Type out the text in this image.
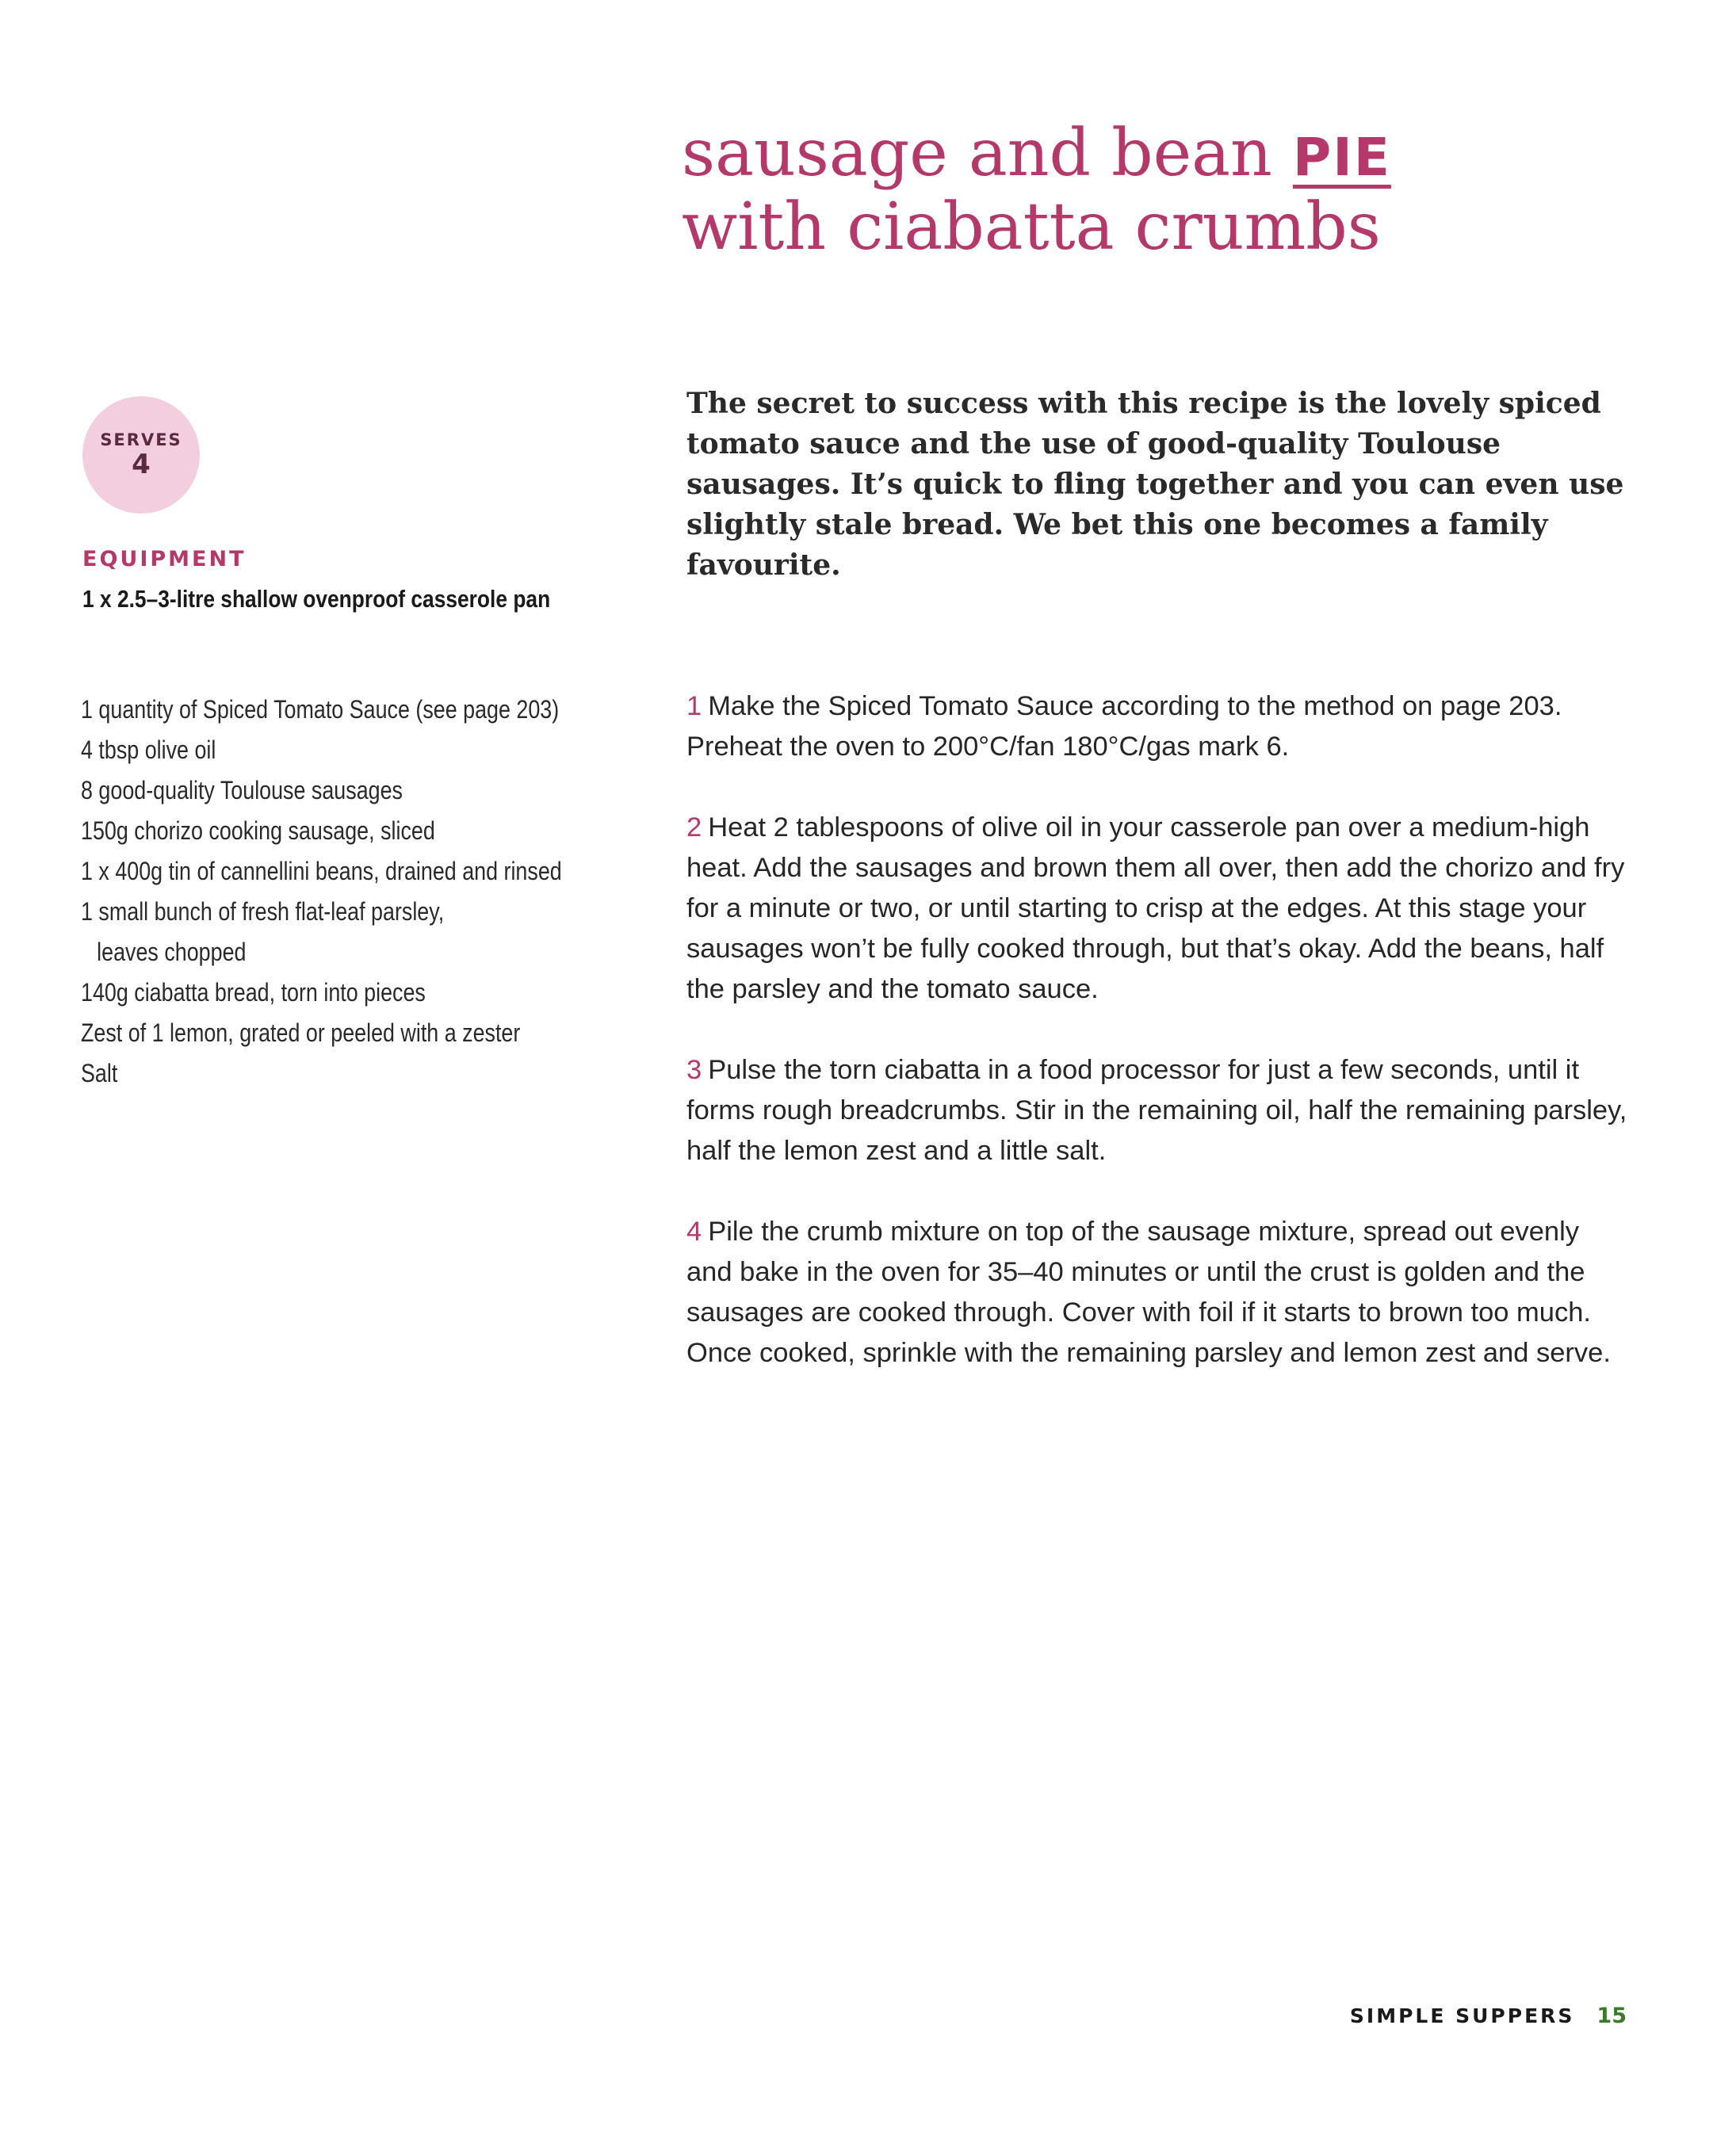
sausage and bean PIE
with ciabatta crumbs
SERVES
4
EQUIPMENT
1 x 2.5–3-litre shallow ovenproof casserole pan

The secret to success with this recipe is the lovely spiced tomato sauce and the use of good-quality Toulouse sausages. It’s quick to fling together and you can even use slightly stale bread. We bet this one becomes a family favourite.

1 quantity of Spiced Tomato Sauce (see page 203)
4 tbsp olive oil
8 good-quality Toulouse sausages
150g chorizo cooking sausage, sliced
1 x 400g tin of cannellini beans, drained and rinsed
1 small bunch of fresh flat-leaf parsley,
leaves chopped
140g ciabatta bread, torn into pieces
Zest of 1 lemon, grated or peeled with a zester
Salt

1 Make the Spiced Tomato Sauce according to the method on page 203. Preheat the oven to 200°C/fan 180°C/gas mark 6.

2 Heat 2 tablespoons of olive oil in your casserole pan over a medium-high heat. Add the sausages and brown them all over, then add the chorizo and fry for a minute or two, or until starting to crisp at the edges. At this stage your sausages won’t be fully cooked through, but that’s okay. Add the beans, half the parsley and the tomato sauce.

3 Pulse the torn ciabatta in a food processor for just a few seconds, until it forms rough breadcrumbs. Stir in the remaining oil, half the remaining parsley, half the lemon zest and a little salt.

4 Pile the crumb mixture on top of the sausage mixture, spread out evenly and bake in the oven for 35–40 minutes or until the crust is golden and the sausages are cooked through. Cover with foil if it starts to brown too much. Once cooked, sprinkle with the remaining parsley and lemon zest and serve.

SIMPLE SUPPERS 15
